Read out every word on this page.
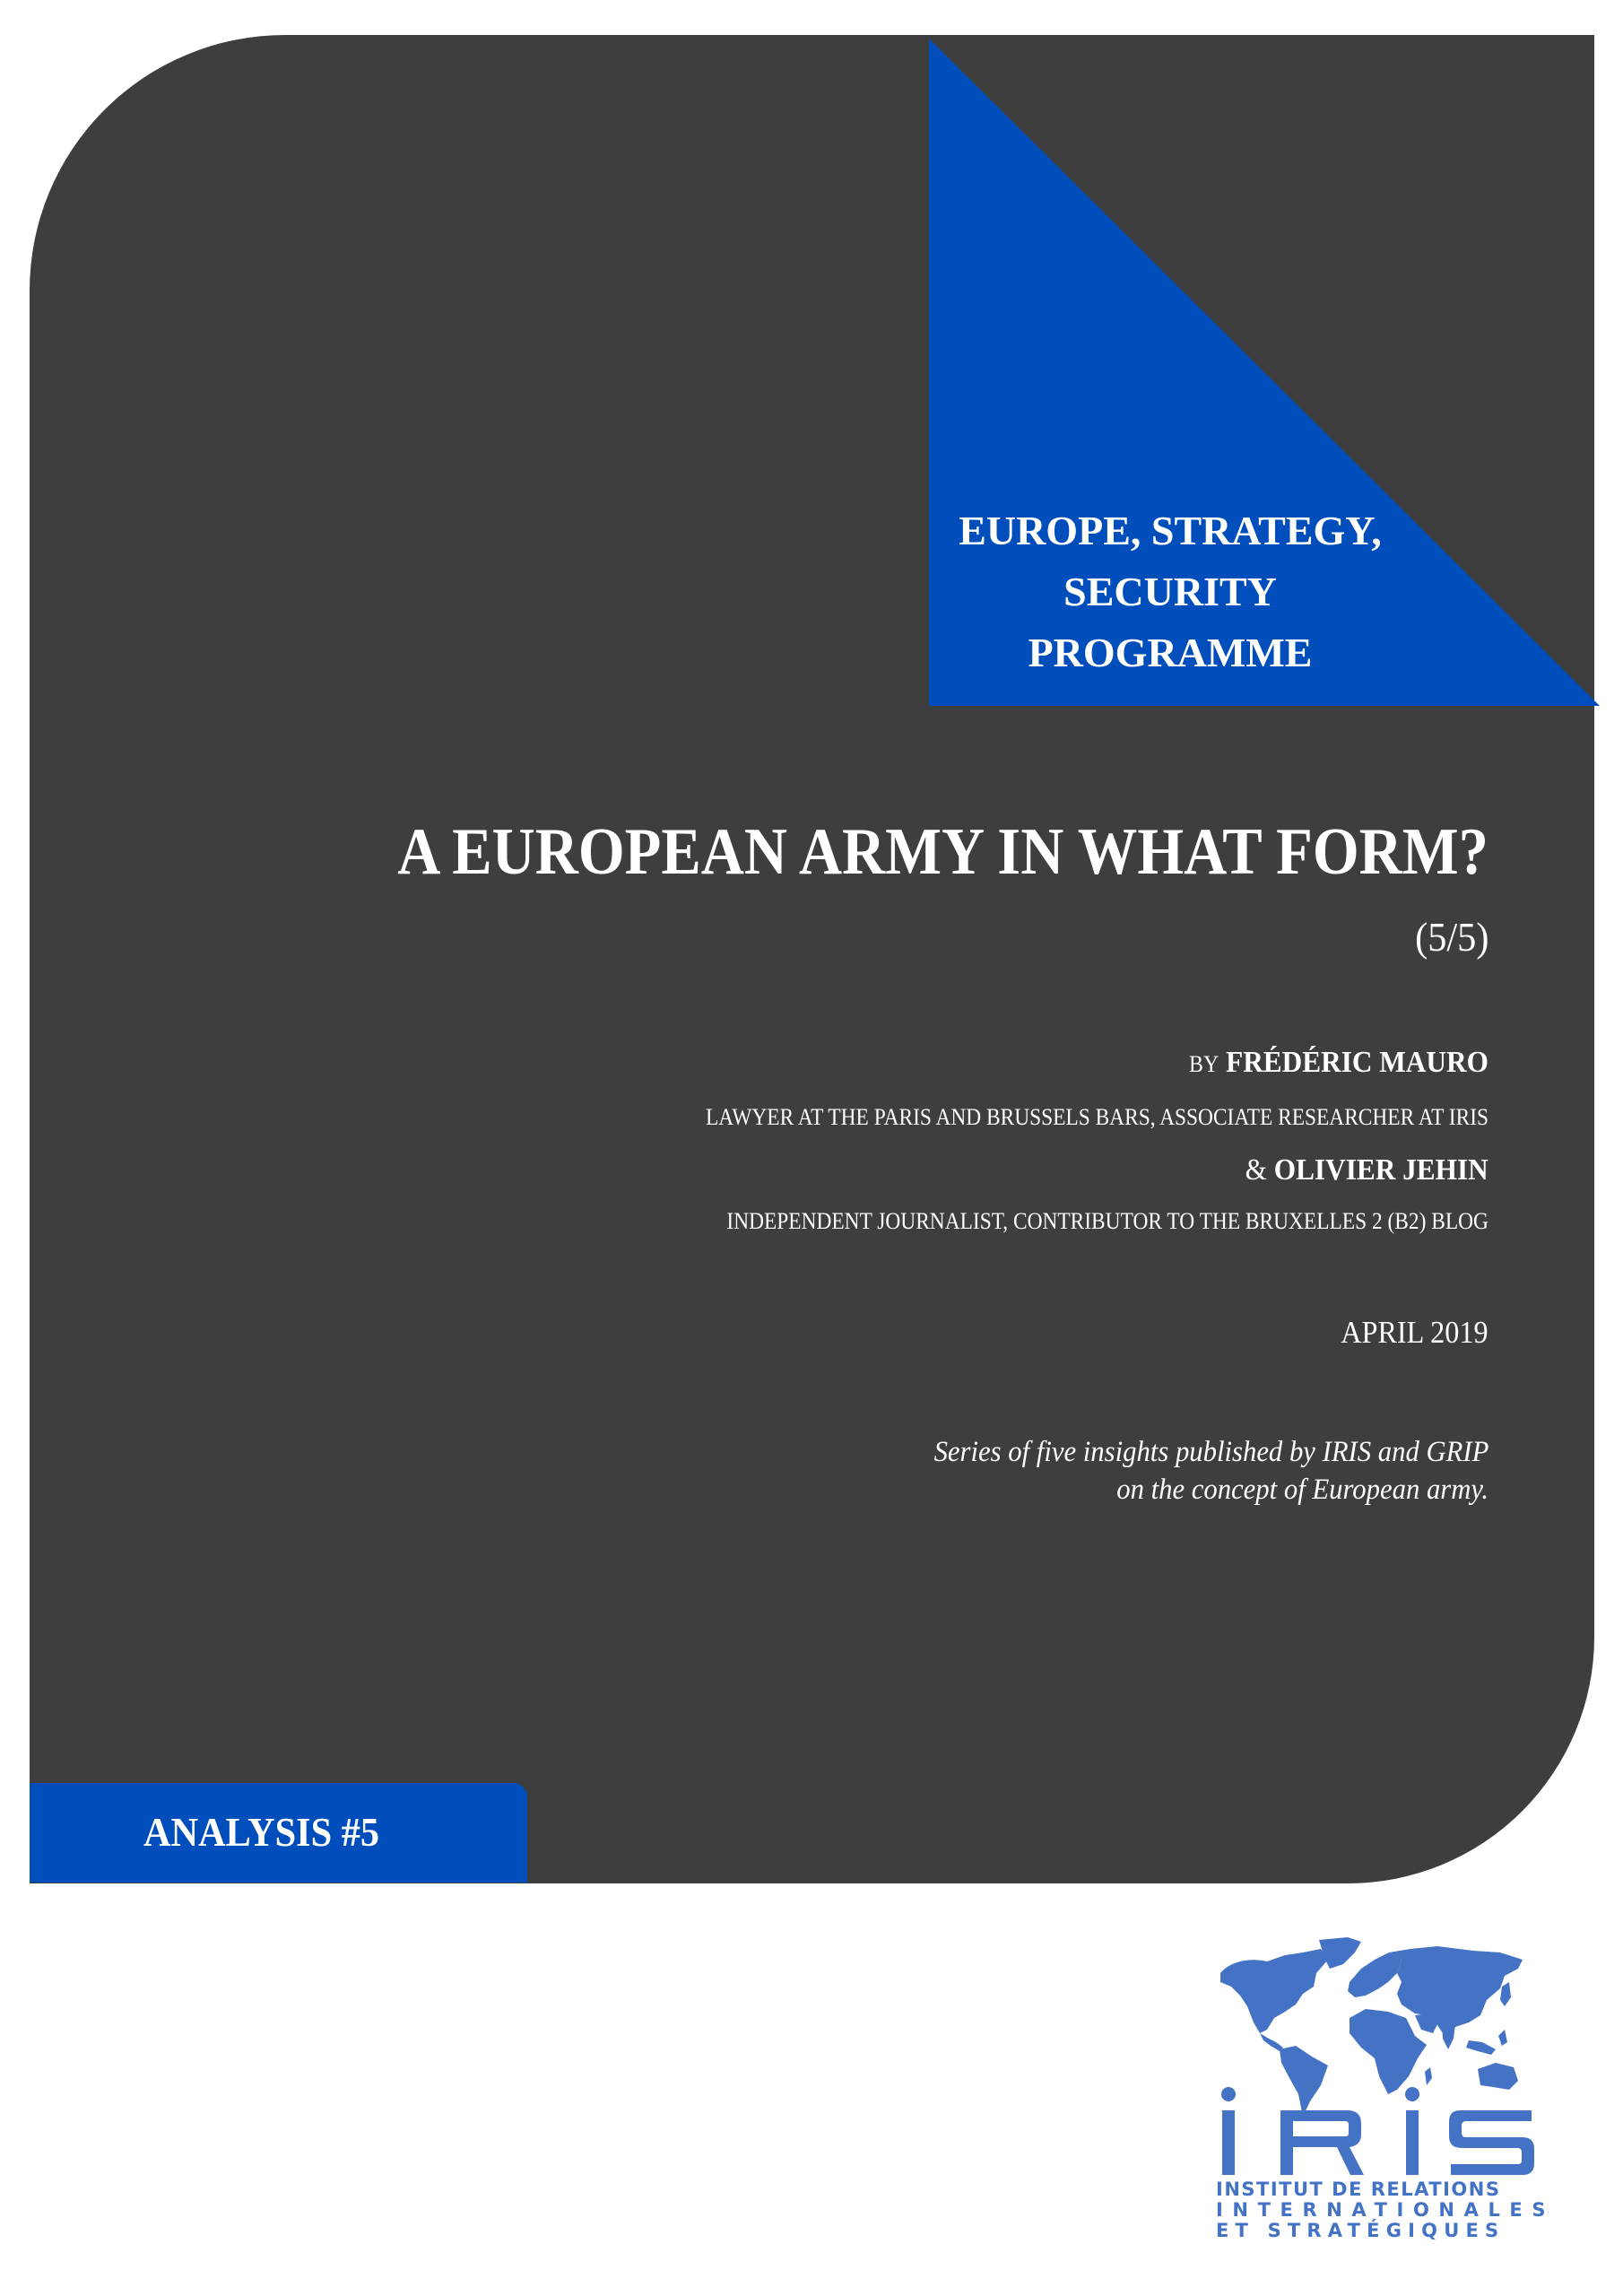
EUROPE, STRATEGY,
SECURITY
PROGRAMME
A EUROPEAN ARMY IN WHAT FORM?
(5/5)
BY FRÉDÉRIC MAURO
LAWYER AT THE PARIS AND BRUSSELS BARS, ASSOCIATE RESEARCHER AT IRIS
& OLIVIER JEHIN
INDEPENDENT JOURNALIST, CONTRIBUTOR TO THE BRUXELLES 2 (B2) BLOG
APRIL 2019
Series of five insights published by IRIS and GRIP
on the concept of European army.
ANALYSIS #5
INSTITUT DE RELATIONS
INTERNATIONALES
ET STRATÉGIQUES
